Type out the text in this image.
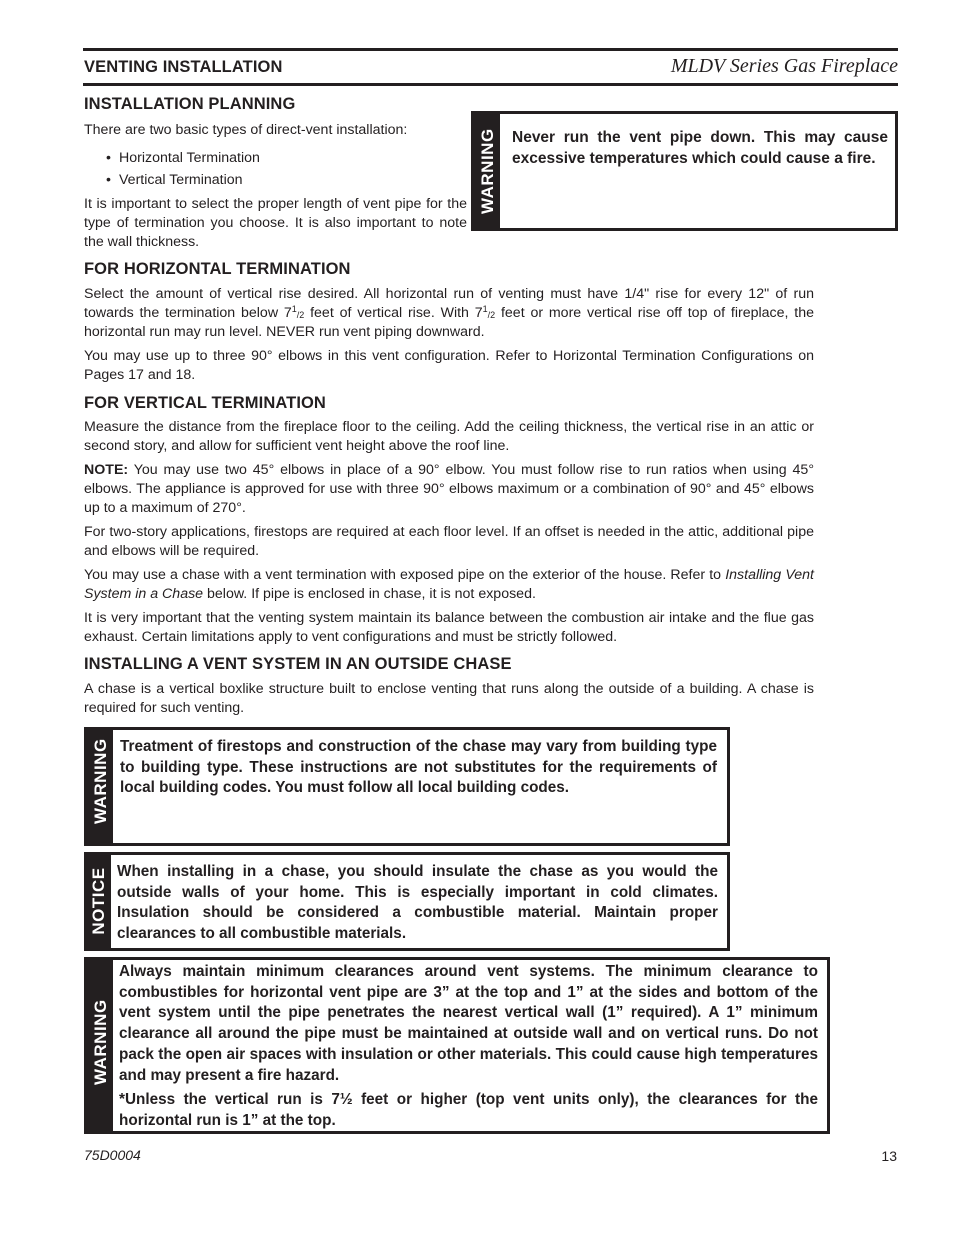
VENTING INSTALLATION	MLDV Series Gas Fireplace
INSTALLATION PLANNING
There are two basic types of direct-vent installation:
• Horizontal Termination
• Vertical Termination
It is important to select the proper length of vent pipe for the type of termination you choose. It is also important to note the wall thickness.
WARNING Never run the vent pipe down. This may cause excessive temperatures which could cause a fire.
FOR HORIZONTAL TERMINATION
Select the amount of vertical rise desired. All horizontal run of venting must have 1/4" rise for every 12" of run towards the termination below $7^1_{/2}$ feet of vertical rise. With $7^1_{/2}$ feet or more vertical rise off top of fireplace, the horizontal run may run level. NEVER run vent piping downward.
You may use up to three 90° elbows in this vent configuration. Refer to Horizontal Termination Configurations on Pages 17 and 18.
FOR VERTICAL TERMINATION
Measure the distance from the fireplace floor to the ceiling. Add the ceiling thickness, the vertical rise in an attic or second story, and allow for sufficient vent height above the roof line.
NOTE: You may use two 45° elbows in place of a 90° elbow. You must follow rise to run ratios when using 45° elbows. The appliance is approved for use with three 90° elbows maximum or a combination of 90° and 45° elbows up to a maximum of 270°.
For two-story applications, firestops are required at each floor level. If an offset is needed in the attic, additional pipe and elbows will be required.
You may use a chase with a vent termination with exposed pipe on the exterior of the house. Refer to Installing Vent System in a Chase below. If pipe is enclosed in chase, it is not exposed.
It is very important that the venting system maintain its balance between the combustion air intake and the flue gas exhaust. Certain limitations apply to vent configurations and must be strictly followed.
INSTALLING A VENT SYSTEM IN AN OUTSIDE CHASE
A chase is a vertical boxlike structure built to enclose venting that runs along the outside of a building. A chase is required for such venting.
WARNING Treatment of firestops and construction of the chase may vary from building type to building type. These instructions are not substitutes for the requirements of local building codes. You must follow all local building codes.
NOTICE When installing in a chase, you should insulate the chase as you would the outside walls of your home. This is especially important in cold climates. Insulation should be considered a combustible material. Maintain proper clearances to all combustible materials.
WARNING
Always maintain minimum clearances around vent systems. The minimum clearance to combustibles for horizontal vent pipe are 3” at the top and 1” at the sides and bottom of the vent system until the pipe penetrates the nearest vertical wall (1” required). A 1” minimum clearance all around the pipe must be maintained at outside wall and on vertical runs. Do not pack the open air spaces with insulation or other materials. This could cause high temperatures and may present a fire hazard.
*Unless the vertical run is 7½ feet or higher (top vent units only), the clearances for the horizontal run is 1” at the top.
75D0004	13
